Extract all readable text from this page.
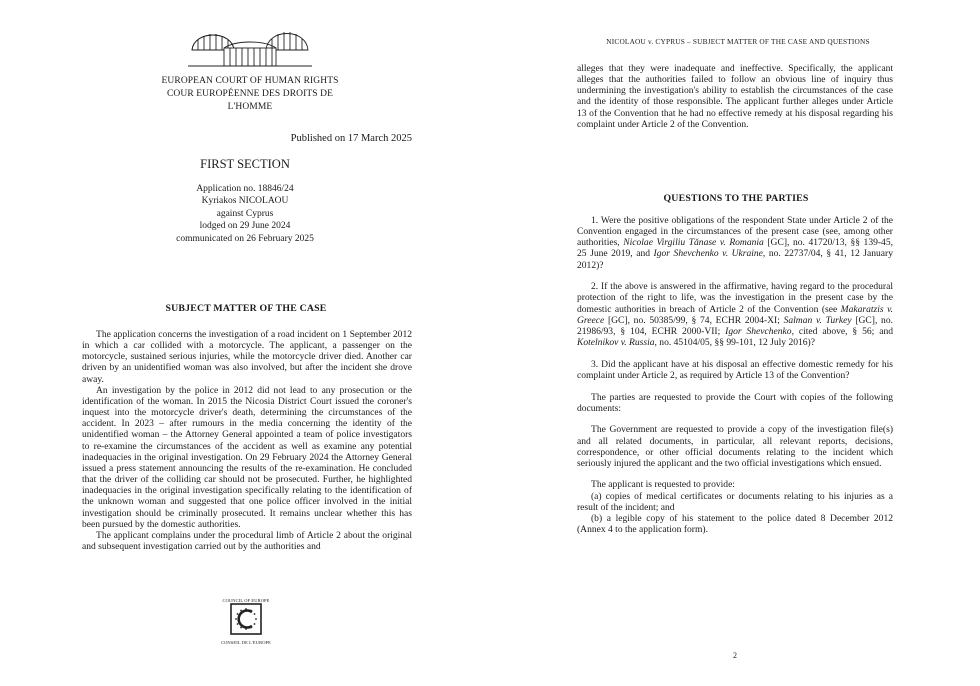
EUROPEAN COURT OF HUMAN RIGHTS
COUR EUROPÉENNE DES DROITS DE L'HOMME
Published on 17 March 2025
FIRST SECTION
Application no. 18846/24
Kyriakos NICOLAOU
against Cyprus
lodged on 29 June 2024
communicated on 26 February 2025
SUBJECT MATTER OF THE CASE

The application concerns the investigation of a road incident on 1 September 2012 in which a car collided with a motorcycle. The applicant, a passenger on the motorcycle, sustained serious injuries, while the motorcycle driver died. Another car driven by an unidentified woman was also involved, but after the incident she drove away.

An investigation by the police in 2012 did not lead to any prosecution or the identification of the woman. In 2015 the Nicosia District Court issued the coroner's inquest into the motorcycle driver's death, determining the circumstances of the accident. In 2023 – after rumours in the media concerning the identity of the unidentified woman – the Attorney General appointed a team of police investigators to re-examine the circumstances of the accident as well as examine any potential inadequacies in the original investigation. On 29 February 2024 the Attorney General issued a press statement announcing the results of the re-examination. He concluded that the driver of the colliding car should not be prosecuted. Further, he highlighted inadequacies in the original investigation specifically relating to the identification of the unknown woman and suggested that one police officer involved in the initial investigation should be criminally prosecuted. It remains unclear whether this has been pursued by the domestic authorities.

The applicant complains under the procedural limb of Article 2 about the original and subsequent investigation carried out by the authorities and

COUNCIL OF EUROPE
CONSEIL DE L'EUROPE
NICOLAOU v. CYPRUS – SUBJECT MATTER OF THE CASE AND QUESTIONS

alleges that they were inadequate and ineffective. Specifically, the applicant alleges that the authorities failed to follow an obvious line of inquiry thus undermining the investigation's ability to establish the circumstances of the case and the identity of those responsible. The applicant further alleges under Article 13 of the Convention that he had no effective remedy at his disposal regarding his complaint under Article 2 of the Convention.

QUESTIONS TO THE PARTIES

1. Were the positive obligations of the respondent State under Article 2 of the Convention engaged in the circumstances of the present case (see, among other authorities, Nicolae Virgiliu Tănase v. Romania [GC], no. 41720/13, §§ 139-45, 25 June 2019, and Igor Shevchenko v. Ukraine, no. 22737/04, § 41, 12 January 2012)?

2. If the above is answered in the affirmative, having regard to the procedural protection of the right to life, was the investigation in the present case by the domestic authorities in breach of Article 2 of the Convention (see Makaratzis v. Greece [GC], no. 50385/99, § 74, ECHR 2004-XI; Salman v. Turkey [GC], no. 21986/93, § 104, ECHR 2000-VII; Igor Shevchenko, cited above, § 56; and Kotelnikov v. Russia, no. 45104/05, §§ 99-101, 12 July 2016)?

3. Did the applicant have at his disposal an effective domestic remedy for his complaint under Article 2, as required by Article 13 of the Convention?

The parties are requested to provide the Court with copies of the following documents:

The Government are requested to provide a copy of the investigation file(s) and all related documents, in particular, all relevant reports, decisions, correspondence, or other official documents relating to the incident which seriously injured the applicant and the two official investigations which ensued.

The applicant is requested to provide:

(a) copies of medical certificates or documents relating to his injuries as a result of the incident; and
(b) a legible copy of his statement to the police dated 8 December 2012 (Annex 4 to the application form).
2
